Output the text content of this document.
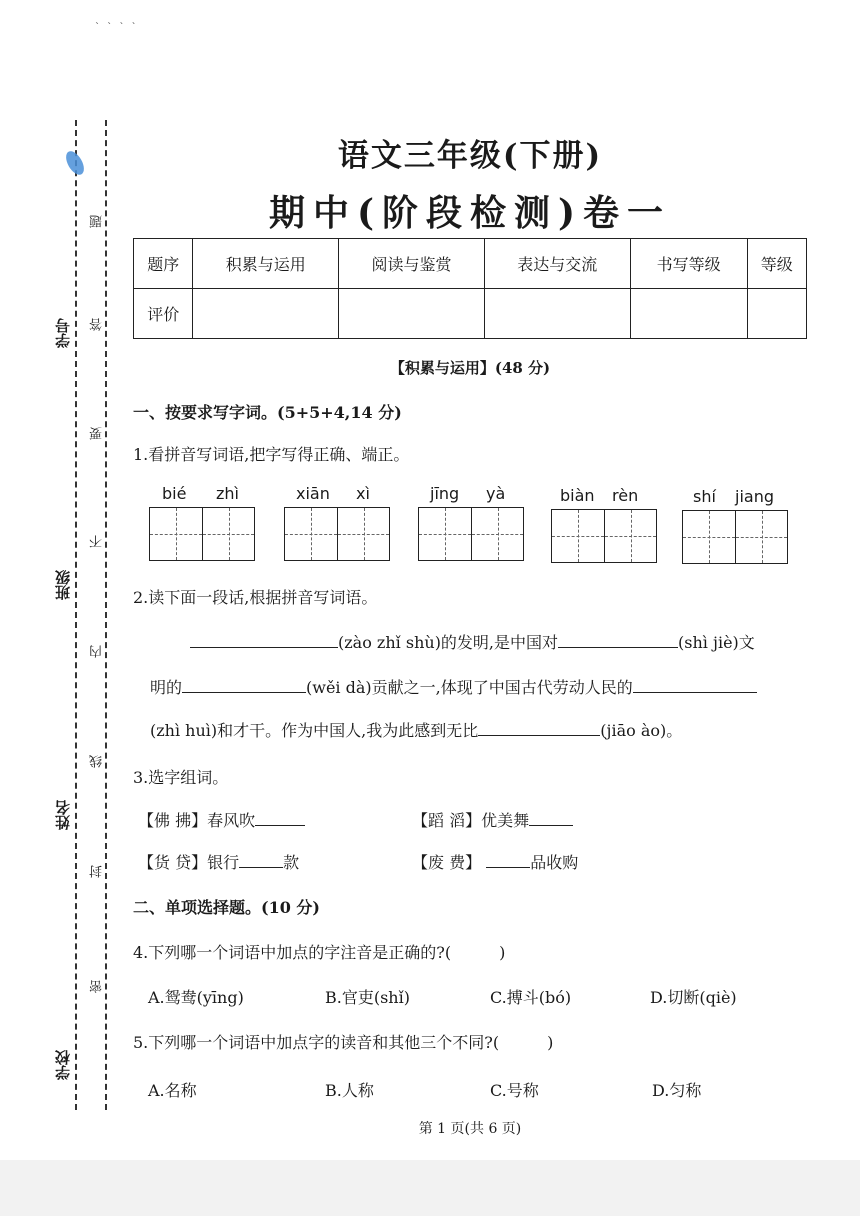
` ` ` `
学号
班级
姓名
学校
题
答
要
不
内
线
封
密
语文三年级(下册)
期中(阶段检测)卷一
题序	积累与运用	阅读与鉴赏	表达与交流	书写等级	等级
评价					
【积累与运用】(48 分)
一、按要求写字词。(5+5+4,14 分)
1.看拼音写词语,把字写得正确、端正。
bié zhì	xiān xì	jīng yà	biàn rèn	shí jiang
2.读下面一段话,根据拼音写词语。
(zào zhǐ shù)的发明,是中国对	(shì jiè)文
明的	(wěi dà)贡献之一,体现了中国古代劳动人民的
(zhì huì)和才干。作为中国人,我为此感到无比	(jiāo ào)。
3.选字组词。
【佛 拂】春风吹	【蹈 滔】优美舞
【货 贷】银行	款	【废 费】	品收购
二、单项选择题。(10 分)
4.下列哪一个词语中加点的字注音是正确的?(	)
A.鸳鸯(yīng)	B.官吏(shǐ)	C.搏斗(bó)	D.切断(qiè)
5.下列哪一个词语中加点字的读音和其他三个不同?(	)
A.名称	B.人称	C.号称	D.匀称
第 1 页(共 6 页)
